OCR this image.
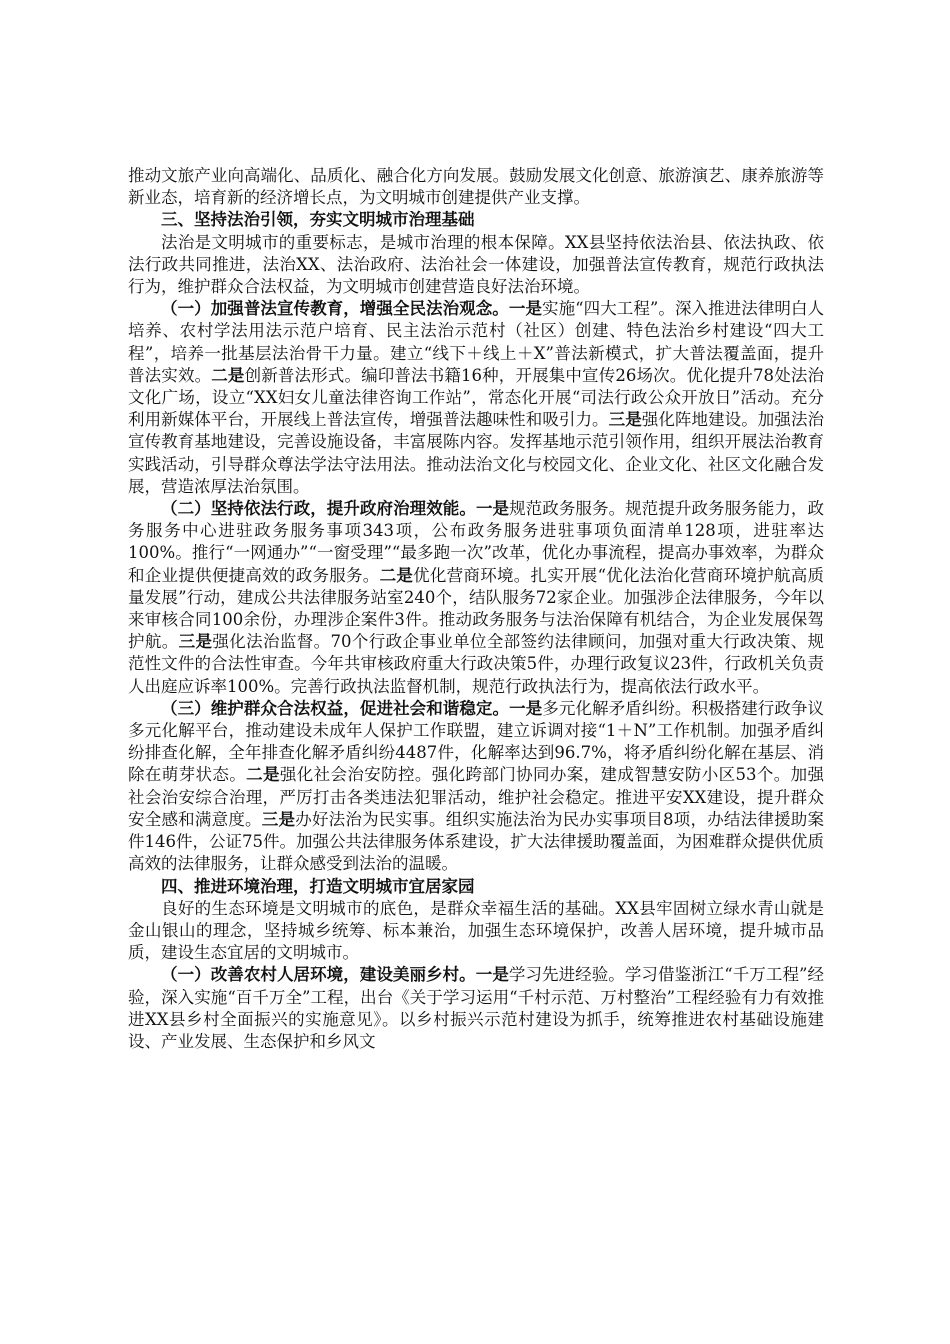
推动文旅产业向高端化、品质化、融合化方向发展。鼓励发展文化创意、旅游演艺、康养旅游等新业态，培育新的经济增长点，为文明城市创建提供产业支撑。

三、坚持法治引领，夯实文明城市治理基础

法治是文明城市的重要标志，是城市治理的根本保障。XX县坚持依法治县、依法执政、依法行政共同推进，法治XX、法治政府、法治社会一体建设，加强普法宣传教育，规范行政执法行为，维护群众合法权益，为文明城市创建营造良好法治环境。

（一）加强普法宣传教育，增强全民法治观念。一是实施“四大工程”。深入推进法律明白人培养、农村学法用法示范户培育、民主法治示范村（社区）创建、特色法治乡村建设“四大工程”，培养一批基层法治骨干力量。建立“线下＋线上＋X”普法新模式，扩大普法覆盖面，提升普法实效。二是创新普法形式。编印普法书籍16种，开展集中宣传26场次。优化提升78处法治文化广场，设立“XX妇女儿童法律咨询工作站”，常态化开展“司法行政公众开放日”活动。充分利用新媒体平台，开展线上普法宣传，增强普法趣味性和吸引力。三是强化阵地建设。加强法治宣传教育基地建设，完善设施设备，丰富展陈内容。发挥基地示范引领作用，组织开展法治教育实践活动，引导群众尊法学法守法用法。推动法治文化与校园文化、企业文化、社区文化融合发展，营造浓厚法治氛围。

（二）坚持依法行政，提升政府治理效能。一是规范政务服务。规范提升政务服务能力，政务服务中心进驻政务服务事项343项，公布政务服务进驻事项负面清单128项，进驻率达100%。推行“一网通办”“一窗受理”“最多跑一次”改革，优化办事流程，提高办事效率，为群众和企业提供便捷高效的政务服务。二是优化营商环境。扎实开展“优化法治化营商环境护航高质量发展”行动，建成公共法律服务站室240个，结队服务72家企业。加强涉企法律服务，今年以来审核合同100余份，办理涉企案件3件。推动政务服务与法治保障有机结合，为企业发展保驾护航。三是强化法治监督。70个行政企事业单位全部签约法律顾问，加强对重大行政决策、规范性文件的合法性审查。今年共审核政府重大行政决策5件，办理行政复议23件，行政机关负责人出庭应诉率100%。完善行政执法监督机制，规范行政执法行为，提高依法行政水平。

（三）维护群众合法权益，促进社会和谐稳定。一是多元化解矛盾纠纷。积极搭建行政争议多元化解平台，推动建设未成年人保护工作联盟，建立诉调对接“1＋N”工作机制。加强矛盾纠纷排查化解，全年排查化解矛盾纠纷4487件，化解率达到96.7%，将矛盾纠纷化解在基层、消除在萌芽状态。二是强化社会治安防控。强化跨部门协同办案，建成智慧安防小区53个。加强社会治安综合治理，严厉打击各类违法犯罪活动，维护社会稳定。推进平安XX建设，提升群众安全感和满意度。三是办好法治为民实事。组织实施法治为民办实事项目8项，办结法律援助案件146件，公证75件。加强公共法律服务体系建设，扩大法律援助覆盖面，为困难群众提供优质高效的法律服务，让群众感受到法治的温暖。

四、推进环境治理，打造文明城市宜居家园

良好的生态环境是文明城市的底色，是群众幸福生活的基础。XX县牢固树立绿水青山就是金山银山的理念，坚持城乡统筹、标本兼治，加强生态环境保护，改善人居环境，提升城市品质，建设生态宜居的文明城市。

（一）改善农村人居环境，建设美丽乡村。一是学习先进经验。学习借鉴浙江“千万工程”经验，深入实施“百千万全”工程，出台《关于学习运用“千村示范、万村整治”工程经验有力有效推进XX县乡村全面振兴的实施意见》。以乡村振兴示范村建设为抓手，统筹推进农村基础设施建设、产业发展、生态保护和乡风文
